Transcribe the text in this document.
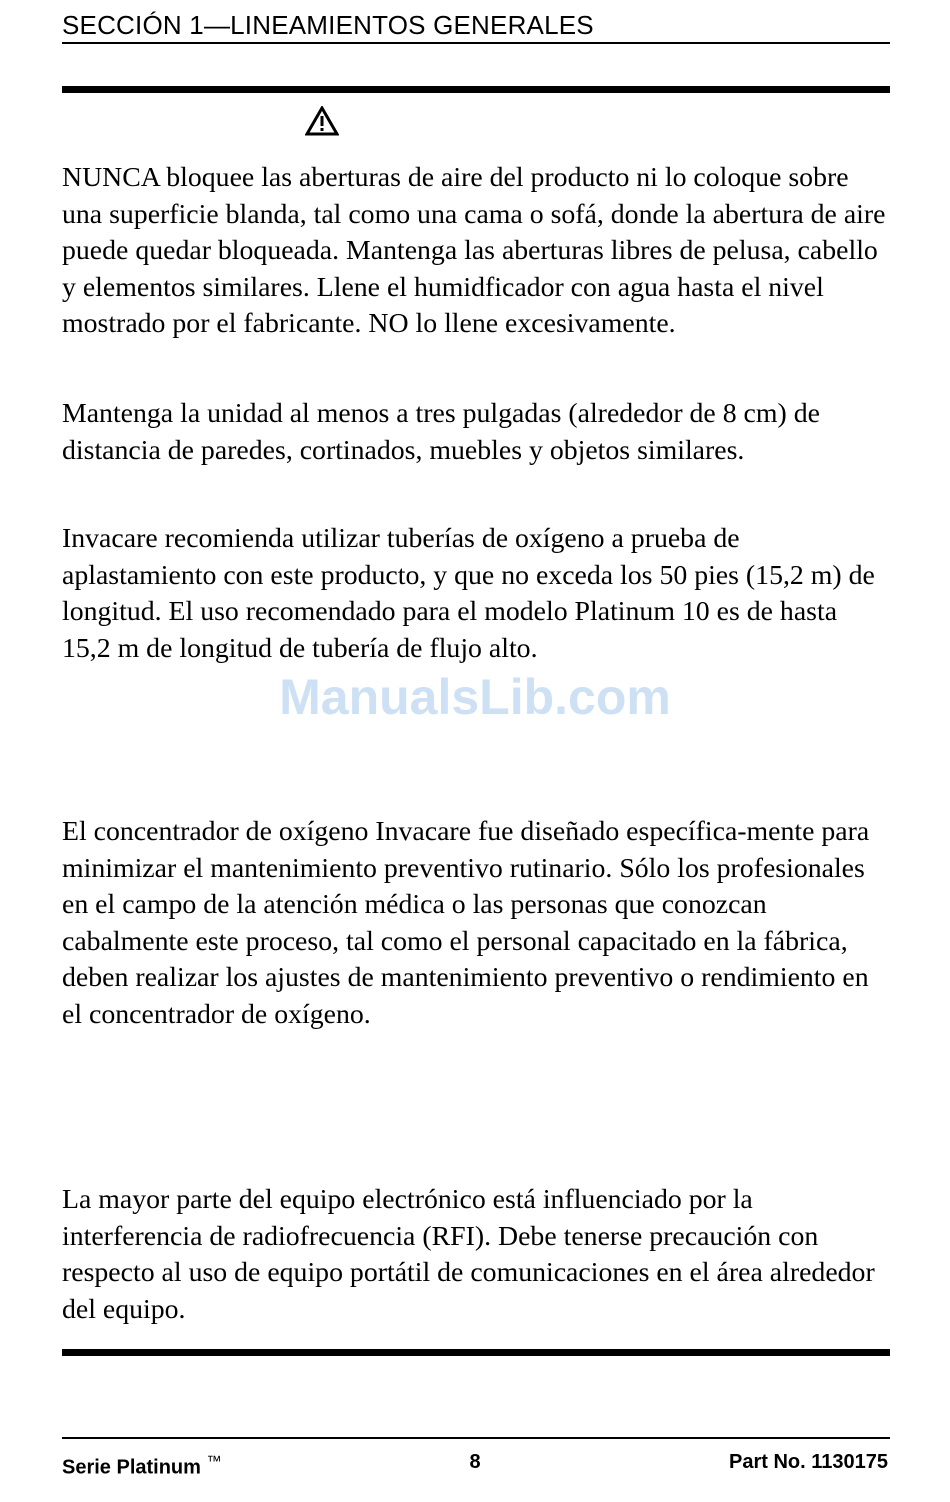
SECCIÓN 1—LINEAMIENTOS GENERALES

NUNCA bloquee las aberturas de aire del producto ni lo coloque sobre una superficie blanda, tal como una cama o sofá, donde la abertura de aire puede quedar bloqueada. Mantenga las aberturas libres de pelusa, cabello y elementos similares. Llene el humidficador con agua hasta el nivel mostrado por el fabricante. NO lo llene excesivamente.

Mantenga la unidad al menos a tres pulgadas (alrededor de 8 cm) de distancia de paredes, cortinados, muebles y objetos similares.

Invacare recomienda utilizar tuberías de oxígeno a prueba de aplastamiento con este producto, y que no exceda los 50 pies (15,2 m) de longitud. El uso recomendado para el modelo Platinum 10 es de hasta 15,2 m de longitud de tubería de flujo alto.

ManualsLib.com

El concentrador de oxígeno Invacare fue diseñado específica-mente para minimizar el mantenimiento preventivo rutinario. Sólo los profesionales en el campo de la atención médica o las personas que conozcan cabalmente este proceso, tal como el personal capacitado en la fábrica, deben realizar los ajustes de mantenimiento preventivo o rendimiento en el concentrador de oxígeno.

La mayor parte del equipo electrónico está influenciado por la interferencia de radiofrecuencia (RFI). Debe tenerse precaución con respecto al uso de equipo portátil de comunicaciones en el área alrededor del equipo.

Serie Platinum ™	8	Part No. 1130175
